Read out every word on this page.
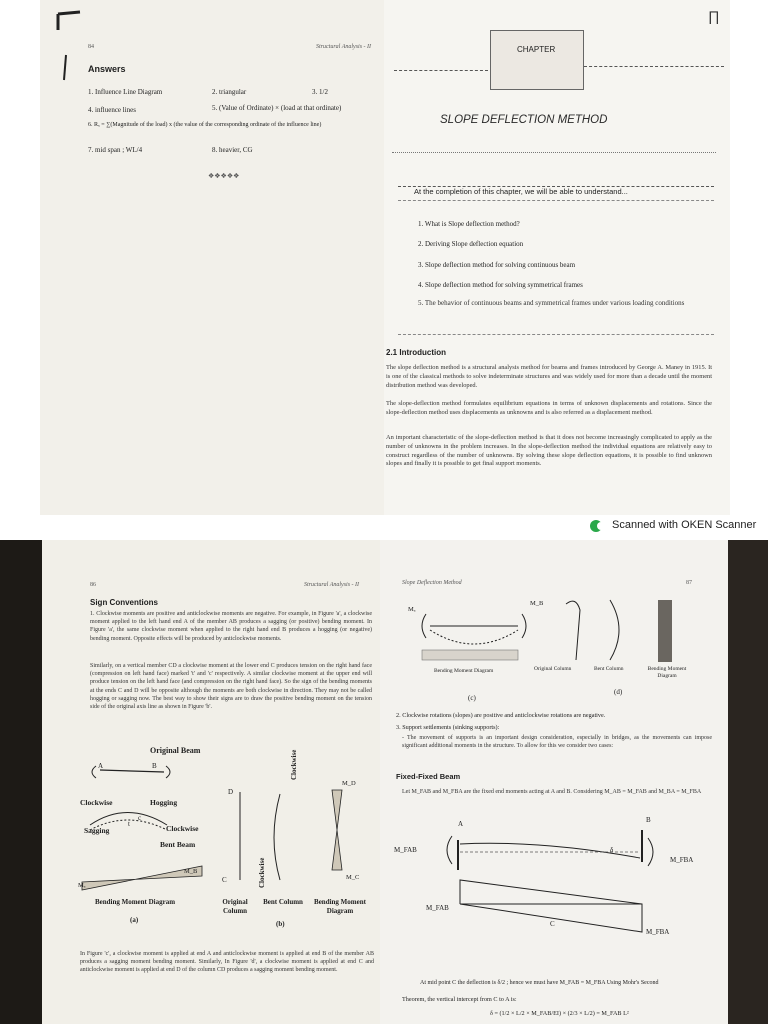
84	Structural Analysis - II
Answers
1. Influence Line Diagram	2. triangular	3. 1/2
4. influence lines	5. (Value of Ordinate) × (load at that ordinate)
6. Rₓ = ∑(Magnitude of the load) x (the value of the corresponding ordinate of the influence line)
7. mid span ; WL/4	8. heavier, CG
❖❖❖❖❖
∏
CHAPTER
SLOPE DEFLECTION METHOD
At the completion of this chapter, we will be able to understand...
1. What is Slope deflection method?
2. Deriving Slope deflection equation
3. Slope deflection method for solving continuous beam
4. Slope deflection method for solving symmetrical frames
5. The behavior of continuous beams and symmetrical frames under various loading conditions
2.1 Introduction
The slope deflection method is a structural analysis method for beams and frames introduced by George A. Maney in 1915. It is one of the classical methods to solve indeterminate structures and was widely used for more than a decade until the moment distribution method was developed.
The slope-deflection method formulates equilibrium equations in terms of unknown displacements and rotations. Since the slope-deflection method uses displacements as unknowns and is also referred as a displacement method.
An important characteristic of the slope-deflection method is that it does not become increasingly complicated to apply as the number of unknowns in the problem increases. In the slope-deflection method the individual equations are relatively easy to construct regardless of the number of unknowns. By solving these slope deflection equations, it is possible to find unknown slopes and finally it is possible to get final support moments.
Scanned with OKEN Scanner
86	Structural Analysis - II
Sign Conventions
1. Clockwise moments are positive and anticlockwise moments are negative. For example, in Figure 'a', a clockwise moment applied to the left hand end A of the member AB produces a sagging (or positive) bending moment. In Figure 'a', the same clockwise moment when applied to the right hand end B produces a hogging (or negative) bending moment. Opposite effects will be produced by anticlockwise moments.
Similarly, on a vertical member CD a clockwise moment at the lower end C produces tension on the right hand face (compression on left hand face) marked 't' and 'c' respectively. A similar clockwise moment at the upper end will produce tension on the left hand face (and compression on the right hand face). So the sign of the bending moments at the ends C and D will be opposite although the moments are both clockwise in direction. They may not be called hogging or sagging now. The best way to show their signs are to draw the positive bending moment on the tension side of the original axis line as shown in Figure 'b'.
Original Beam
A	B
Clockwise	Hogging
Sagging	Clockwise
Bent Beam
t
c
Mₐ
M_B
Bending Moment Diagram
(a)
D
C
Original Column
Bent Column
(b)
Bending Moment Diagram
Clockwise
Clockwise
M_D
M_C
In Figure 'c', a clockwise moment is applied at end A and anticlockwise moment is applied at end B of the member AB produces a sagging moment bending moment. Similarly, In Figure 'd', a clockwise moment is applied at end C and anticlockwise moment is applied at end D of the column CD produces a sagging moment bending moment.
Slope Deflection Method	87
Mₐ
M_B
Bending Moment Diagram	Original Column	Bent Column	Bending Moment Diagram
(c)
(d)
2. Clockwise rotations (slopes) are positive and anticlockwise rotations are negative.
3. Support settlements (sinking supports):
- The movement of supports is an important design consideration, especially in bridges, as the movements can impose significant additional moments in the structure. To allow for this we consider two cases:
Fixed-Fixed Beam
Let M_FAB and M_FBA are the fixed end moments acting at A and B. Considering M_AB = M_FAB and M_BA = M_FBA
A	B
δ
M_FAB
M_FBA
M_FAB
C
M_FBA
At mid point C the deflection is δ/2 ; hence we must have M_FAB = M_FBA Using Mohr's Second
Theorem, the vertical intercept from C to A is:
δ = (1/2 × L/2 × M_FAB/EI) × (2/3 × L/2) = M_FAB L²
